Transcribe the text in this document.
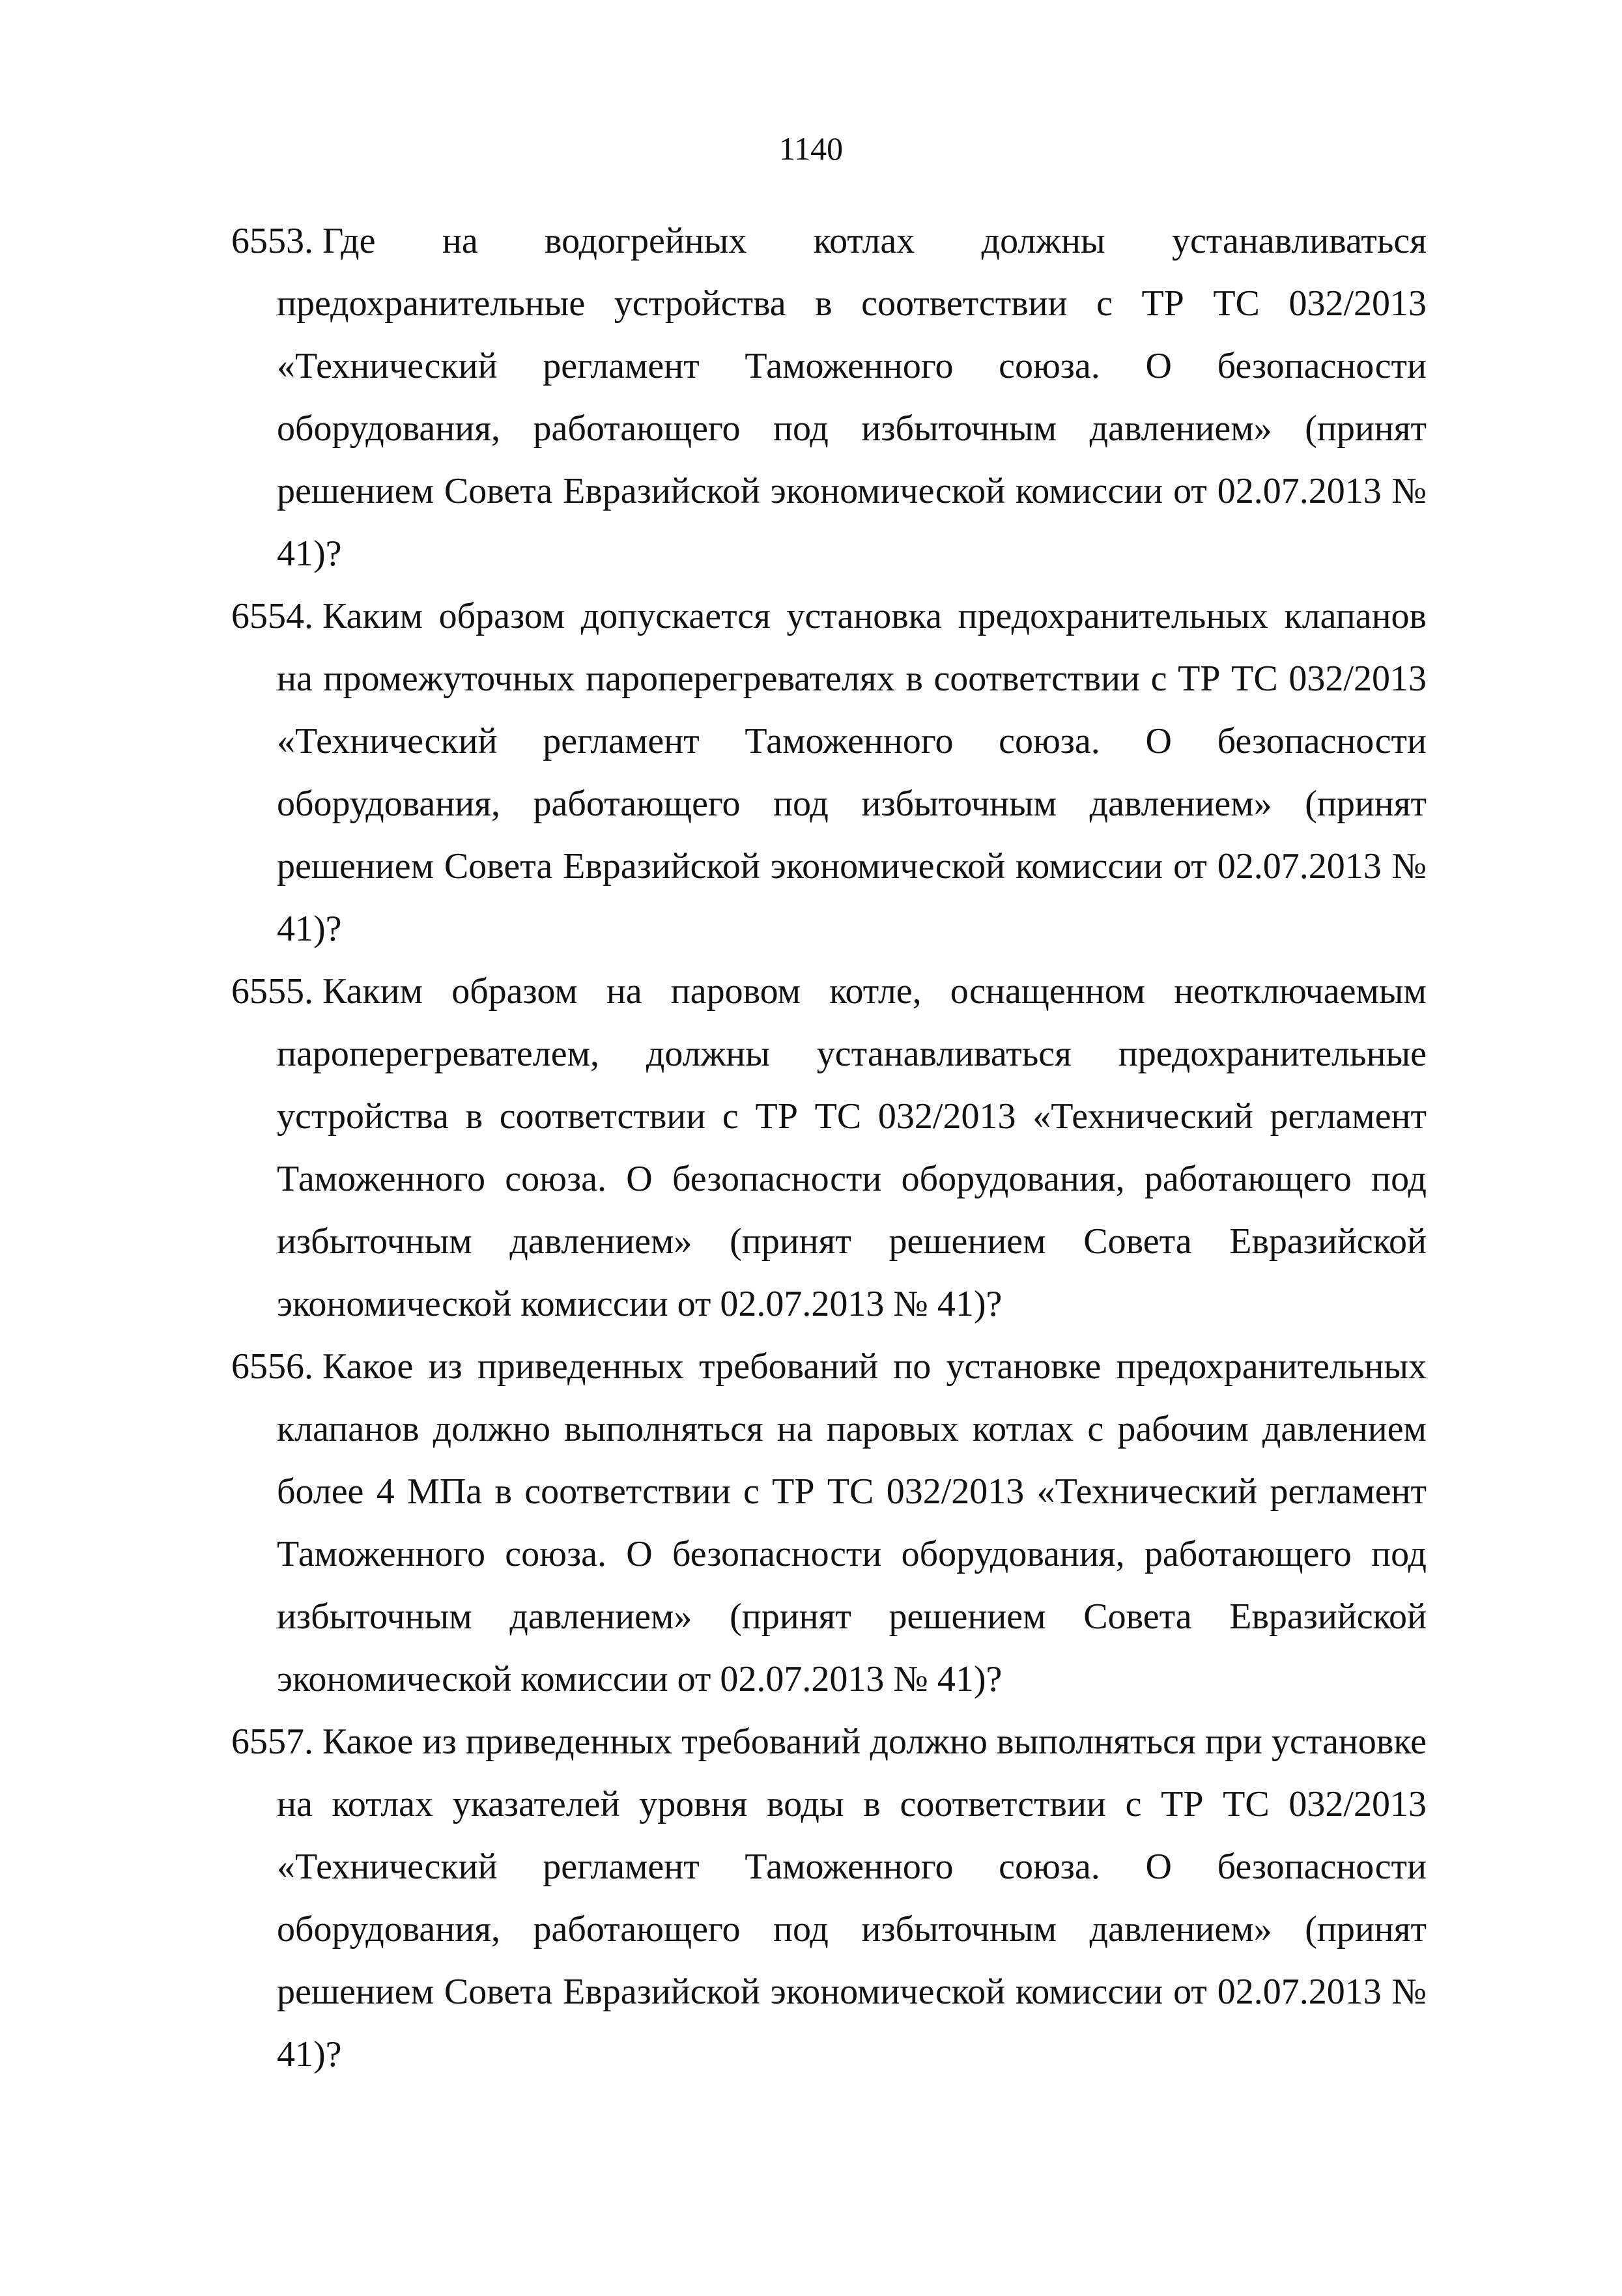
1140
6553. Где на водогрейных котлах должны устанавливаться предохранительные устройства в соответствии с ТР ТС 032/2013 «Технический регламент Таможенного союза. О безопасности оборудования, работающего под избыточным давлением» (принят решением Совета Евразийской экономической комиссии от 02.07.2013 № 41)?
6554. Каким образом допускается установка предохранительных клапанов на промежуточных пароперегревателях в соответствии с ТР ТС 032/2013 «Технический регламент Таможенного союза. О безопасности оборудования, работающего под избыточным давлением» (принят решением Совета Евразийской экономической комиссии от 02.07.2013 № 41)?
6555. Каким образом на паровом котле, оснащенном неотключаемым пароперегревателем, должны устанавливаться предохранительные устройства в соответствии с ТР ТС 032/2013 «Технический регламент Таможенного союза. О безопасности оборудования, работающего под избыточным давлением» (принят решением Совета Евразийской экономической комиссии от 02.07.2013 № 41)?
6556. Какое из приведенных требований по установке предохранительных клапанов должно выполняться на паровых котлах с рабочим давлением более 4 МПа в соответствии с ТР ТС 032/2013 «Технический регламент Таможенного союза. О безопасности оборудования, работающего под избыточным давлением» (принят решением Совета Евразийской экономической комиссии от 02.07.2013 № 41)?
6557. Какое из приведенных требований должно выполняться при установке на котлах указателей уровня воды в соответствии с ТР ТС 032/2013 «Технический регламент Таможенного союза. О безопасности оборудования, работающего под избыточным давлением» (принят решением Совета Евразийской экономической комиссии от 02.07.2013 № 41)?
